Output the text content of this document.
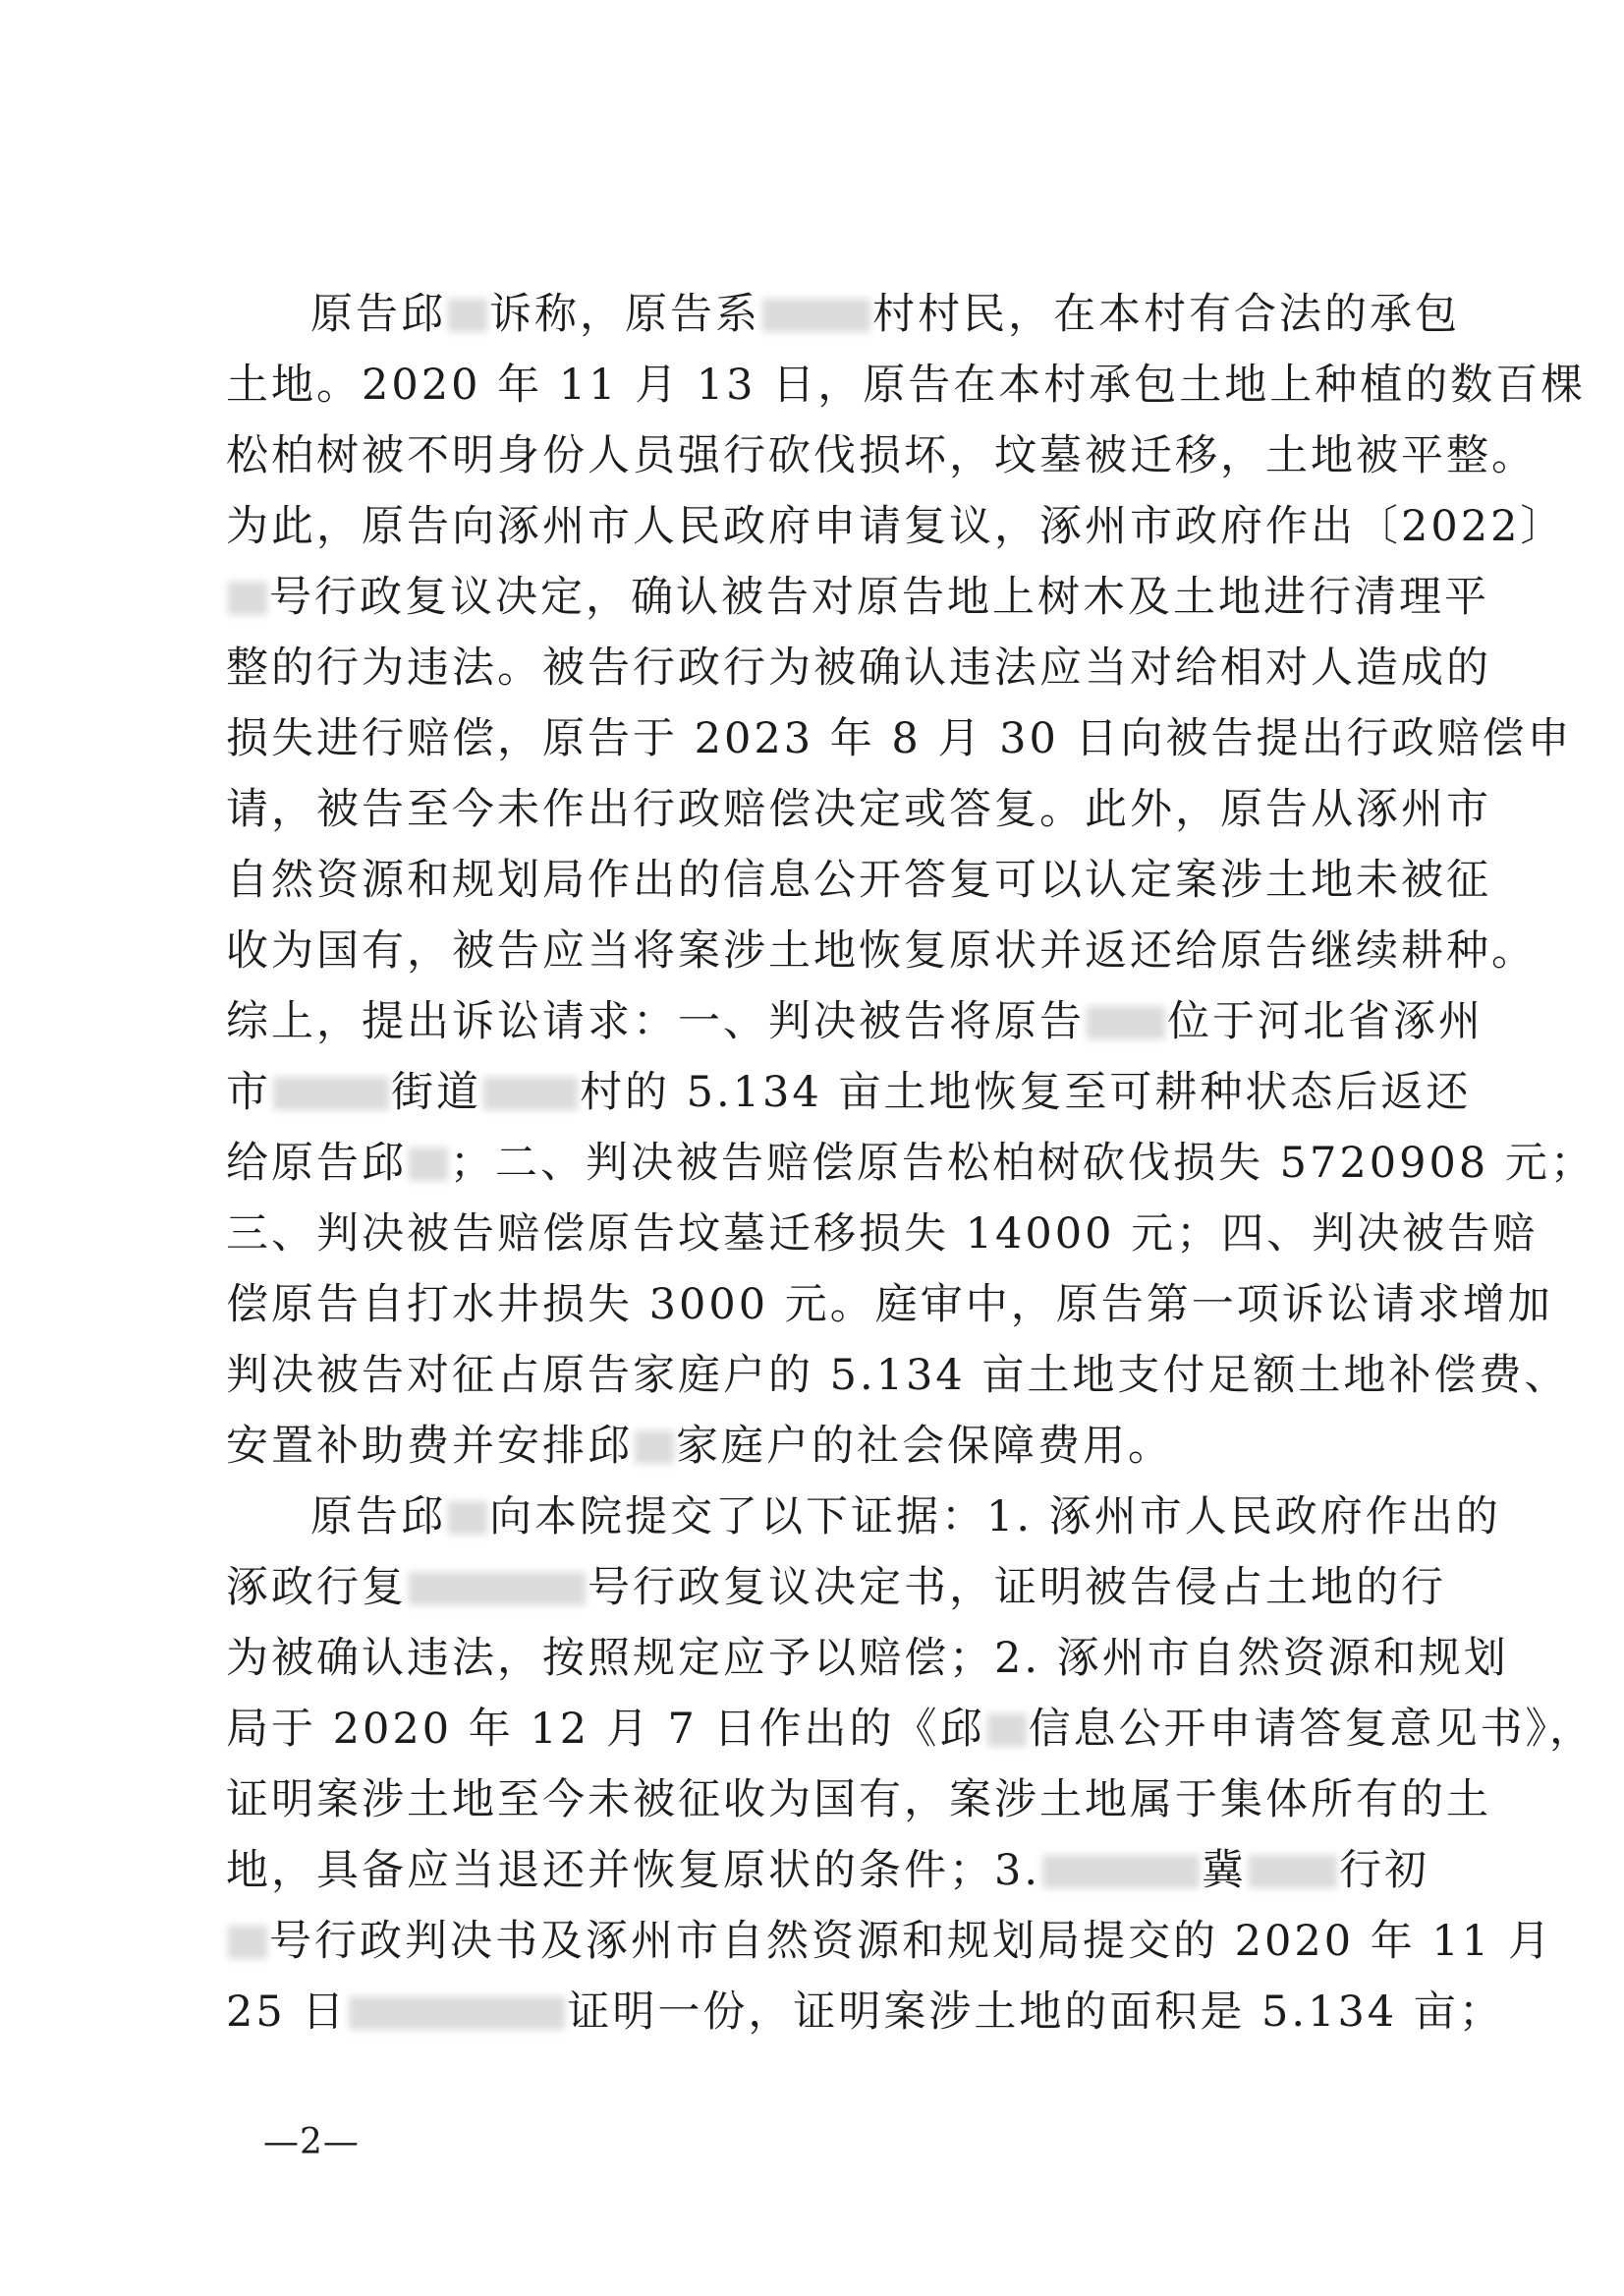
原告邱 诉称，原告系	村村民，在本村有合法的承包
土地。2020 年 11 月 13 日，原告在本村承包土地上种植的数百棵
松柏树被不明身份人员强行砍伐损坏，坟墓被迁移，土地被平整。
为此，原告向涿州市人民政府申请复议，涿州市政府作出〔2022〕
号行政复议决定，确认被告对原告地上树木及土地进行清理平
整的行为违法。被告行政行为被确认违法应当对给相对人造成的
损失进行赔偿，原告于 2023 年 8 月 30 日向被告提出行政赔偿申
请，被告至今未作出行政赔偿决定或答复。此外，原告从涿州市
自然资源和规划局作出的信息公开答复可以认定案涉土地未被征
收为国有，被告应当将案涉土地恢复原状并返还给原告继续耕种。
综上，提出诉讼请求：一、判决被告将原告 位于河北省涿州
市	街道 村的 5.134 亩土地恢复至可耕种状态后返还
给原告邱 ；二、判决被告赔偿原告松柏树砍伐损失 5720908 元；
三、判决被告赔偿原告坟墓迁移损失 14000 元；四、判决被告赔
偿原告自打水井损失 3000 元。庭审中，原告第一项诉讼请求增加
判决被告对征占原告家庭户的 5.134 亩土地支付足额土地补偿费、
安置补助费并安排邱 家庭户的社会保障费用。
原告邱 向本院提交了以下证据：1. 涿州市人民政府作出的
涿政行复	号行政复议决定书，证明被告侵占土地的行
为被确认违法，按照规定应予以赔偿；2. 涿州市自然资源和规划
局于 2020 年 12 月 7 日作出的《邱 信息公开申请答复意见书》，
证明案涉土地至今未被征收为国有，案涉土地属于集体所有的土
地，具备应当退还并恢复原状的条件；3.	冀 行初
号行政判决书及涿州市自然资源和规划局提交的 2020 年 11 月
25 日	证明一份，证明案涉土地的面积是 5.134 亩；
—2—
